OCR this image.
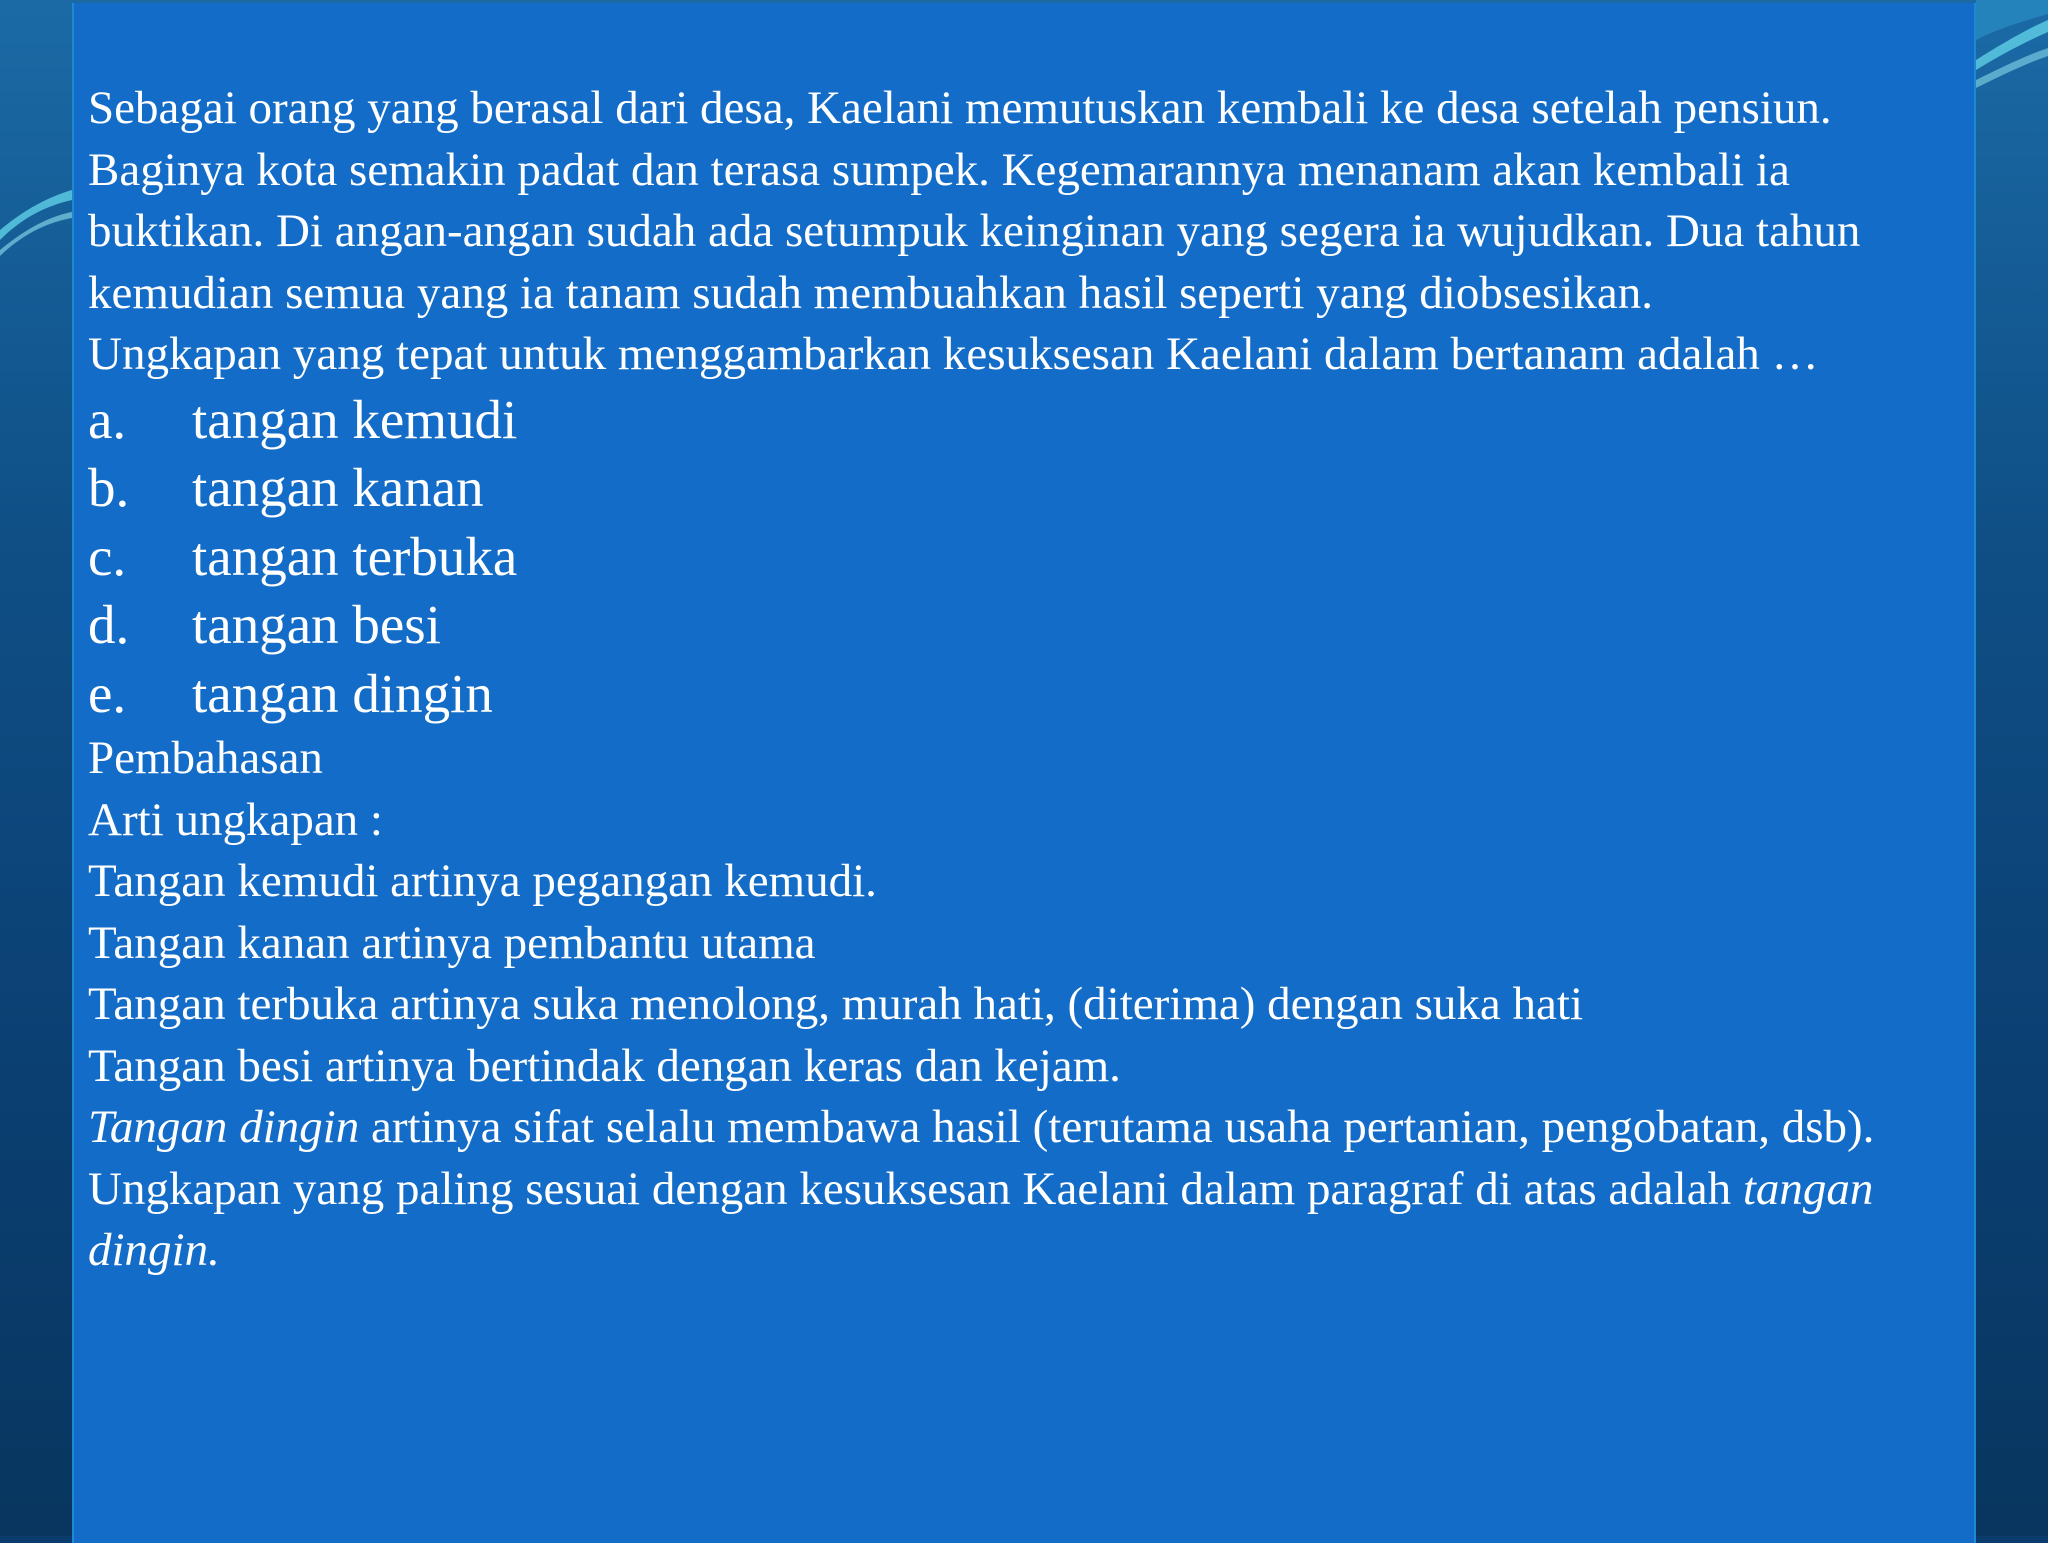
Sebagai orang yang berasal dari desa, Kaelani memutuskan kembali ke desa setelah pensiun. Baginya kota semakin padat dan terasa sumpek. Kegemarannya menanam akan kembali ia buktikan. Di angan-angan sudah ada setumpuk keinginan yang segera ia wujudkan. Dua tahun kemudian semua yang ia tanam sudah membuahkan hasil seperti yang diobsesikan.

Ungkapan yang tepat untuk menggambarkan kesuksesan Kaelani dalam bertanam adalah …

a.	tangan kemudi
b.	tangan kanan
c.	tangan terbuka
d.	tangan besi
e.	tangan dingin

Pembahasan

Arti ungkapan :

Tangan kemudi artinya pegangan kemudi.

Tangan kanan artinya pembantu utama

Tangan terbuka artinya suka menolong, murah hati, (diterima) dengan suka hati

Tangan besi artinya bertindak dengan keras dan kejam.

Tangan dingin artinya sifat selalu membawa hasil (terutama usaha pertanian, pengobatan, dsb).

Ungkapan yang paling sesuai dengan kesuksesan Kaelani dalam paragraf di atas adalah tangan dingin.
